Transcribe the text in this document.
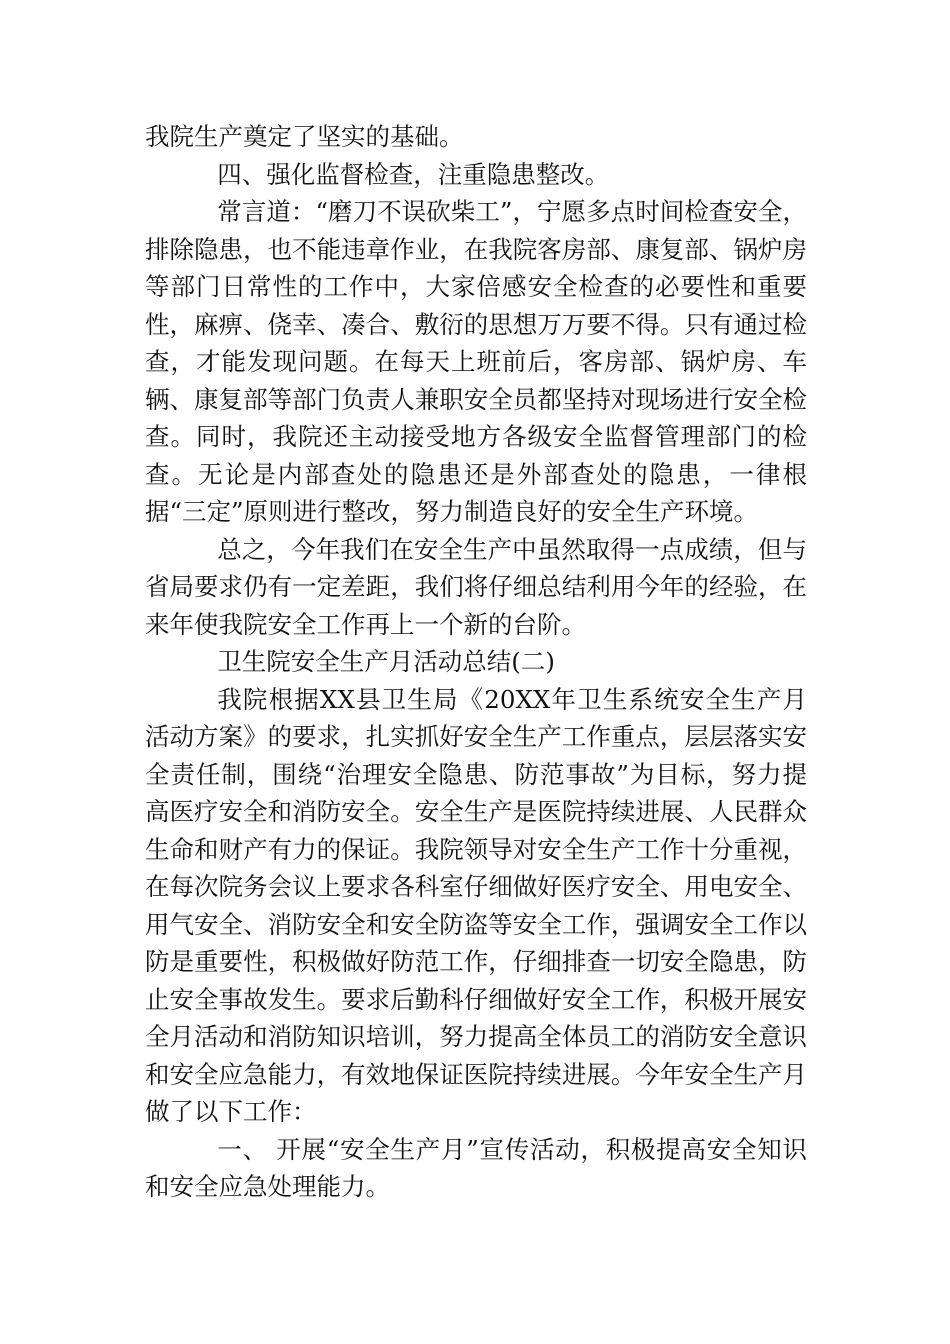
我院生产奠定了坚实的基础。

四、强化监督检查，注重隐患整改。

常言道：“磨刀不误砍柴工”，宁愿多点时间检查安全，排除隐患，也不能违章作业，在我院客房部、康复部、锅炉房等部门日常性的工作中，大家倍感安全检查的必要性和重要性，麻痹、侥幸、凑合、敷衍的思想万万要不得。只有通过检查，才能发现问题。在每天上班前后，客房部、锅炉房、车辆、康复部等部门负责人兼职安全员都坚持对现场进行安全检查。同时，我院还主动接受地方各级安全监督管理部门的检查。无论是内部查处的隐患还是外部查处的隐患，一律根据“三定”原则进行整改，努力制造良好的安全生产环境。

总之，今年我们在安全生产中虽然取得一点成绩，但与省局要求仍有一定差距，我们将仔细总结利用今年的经验，在来年使我院安全工作再上一个新的台阶。

卫生院安全生产月活动总结(二)

我院根据XX县卫生局《20XX年卫生系统安全生产月活动方案》的要求，扎实抓好安全生产工作重点，层层落实安全责任制，围绕“治理安全隐患、防范事故”为目标，努力提高医疗安全和消防安全。安全生产是医院持续进展、人民群众生命和财产有力的保证。我院领导对安全生产工作十分重视，在每次院务会议上要求各科室仔细做好医疗安全、用电安全、用气安全、消防安全和安全防盗等安全工作，强调安全工作以防是重要性，积极做好防范工作，仔细排查一切安全隐患，防止安全事故发生。要求后勤科仔细做好安全工作，积极开展安全月活动和消防知识培训，努力提高全体员工的消防安全意识和安全应急能力，有效地保证医院持续进展。今年安全生产月做了以下工作：

一、 开展“安全生产月”宣传活动，积极提高安全知识和安全应急处理能力。
